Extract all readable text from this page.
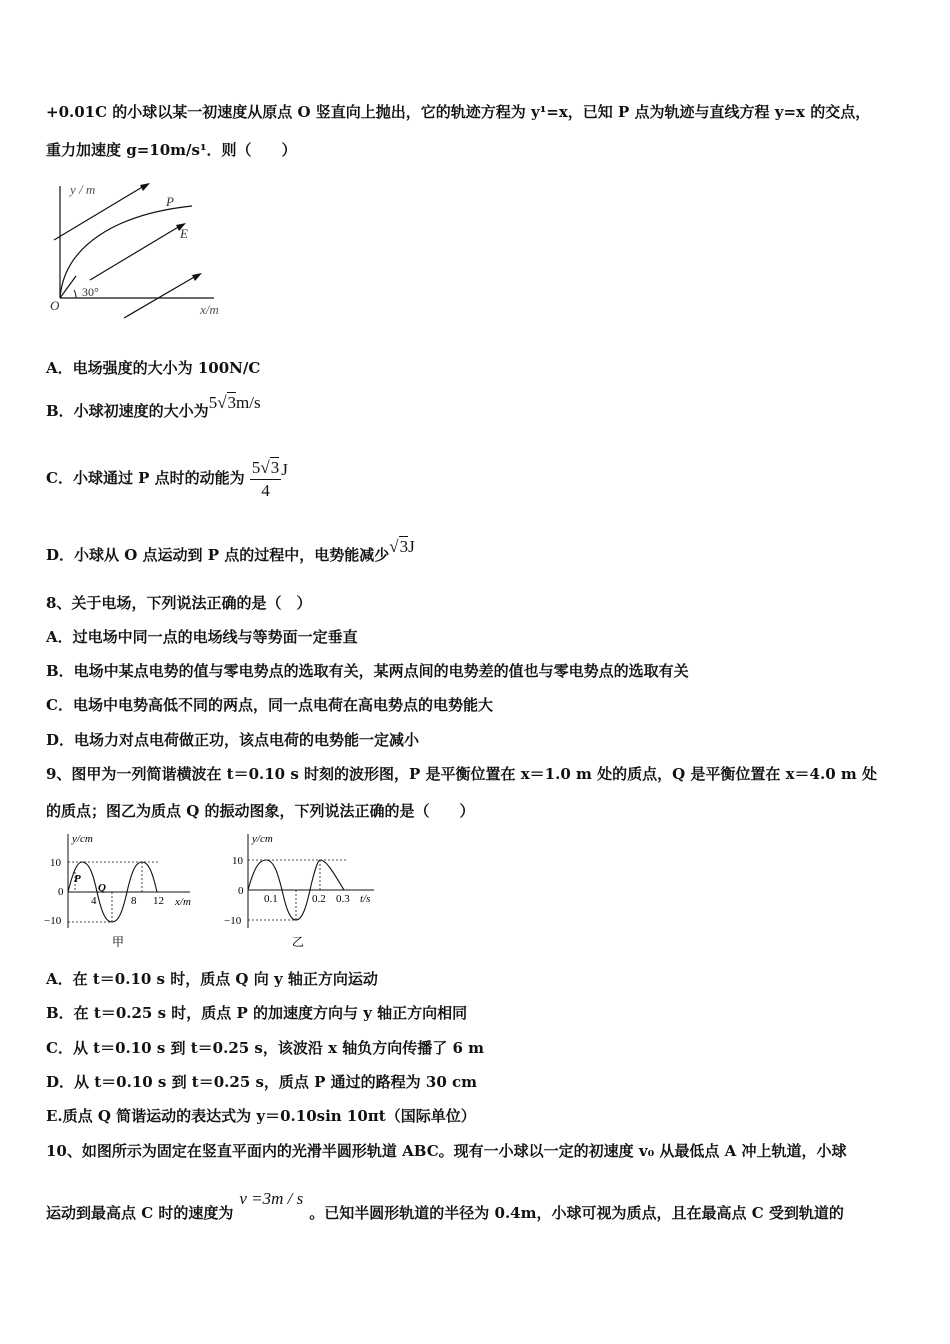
+0.01C 的小球以某一初速度从原点 O 竖直向上抛出，它的轨迹方程为 y¹=x，已知 P 点为轨迹与直线方程 y=x 的交点，
重力加速度 g=10m/s¹．则（　　）
y / m
x/m
O
30°
P
E
A．电场强度的大小为 100N/C
B．小球初速度的大小为5√3m/s
C．小球通过 P 点时的动能为 $\frac{5√3}{4}$ J
D．小球从 O 点运动到 P 点的过程中，电势能减少√3J
8、关于电场，下列说法正确的是（　）
A．过电场中同一点的电场线与等势面一定垂直
B．电场中某点电势的值与零电势点的选取有关，某两点间的电势差的值也与零电势点的选取有关
C．电场中电势高低不同的两点，同一点电荷在高电势点的电势能大
D．电场力对点电荷做正功，该点电荷的电势能一定减小
9、图甲为一列简谐横波在 t＝0.10 s 时刻的波形图，P 是平衡位置在 x＝1.0 m 处的质点，Q 是平衡位置在 x＝4.0 m 处
的质点；图乙为质点 Q 的振动图象，下列说法正确的是（　　）
y/cm
x/m
10
0
−10
4	8 12
P
Q
甲
y/cm
t/s
10
0
−10
0.1	0.2 0.3
乙
A．在 t＝0.10 s 时，质点 Q 向 y 轴正方向运动
B．在 t＝0.25 s 时，质点 P 的加速度方向与 y 轴正方向相同
C．从 t＝0.10 s 到 t＝0.25 s，该波沿 x 轴负方向传播了 6 m
D．从 t＝0.10 s 到 t＝0.25 s，质点 P 通过的路程为 30 cm
E.质点 Q 简谐运动的表达式为 y＝0.10sin 10πt（国际单位）
10、如图所示为固定在竖直平面内的光滑半圆形轨道 ABC。现有一小球以一定的初速度 v₀ 从最低点 A 冲上轨道，小球
运动到最高点 C 时的速度为v =3m / s。已知半圆形轨道的半径为 0.4m，小球可视为质点，且在最高点 C 受到轨道的
